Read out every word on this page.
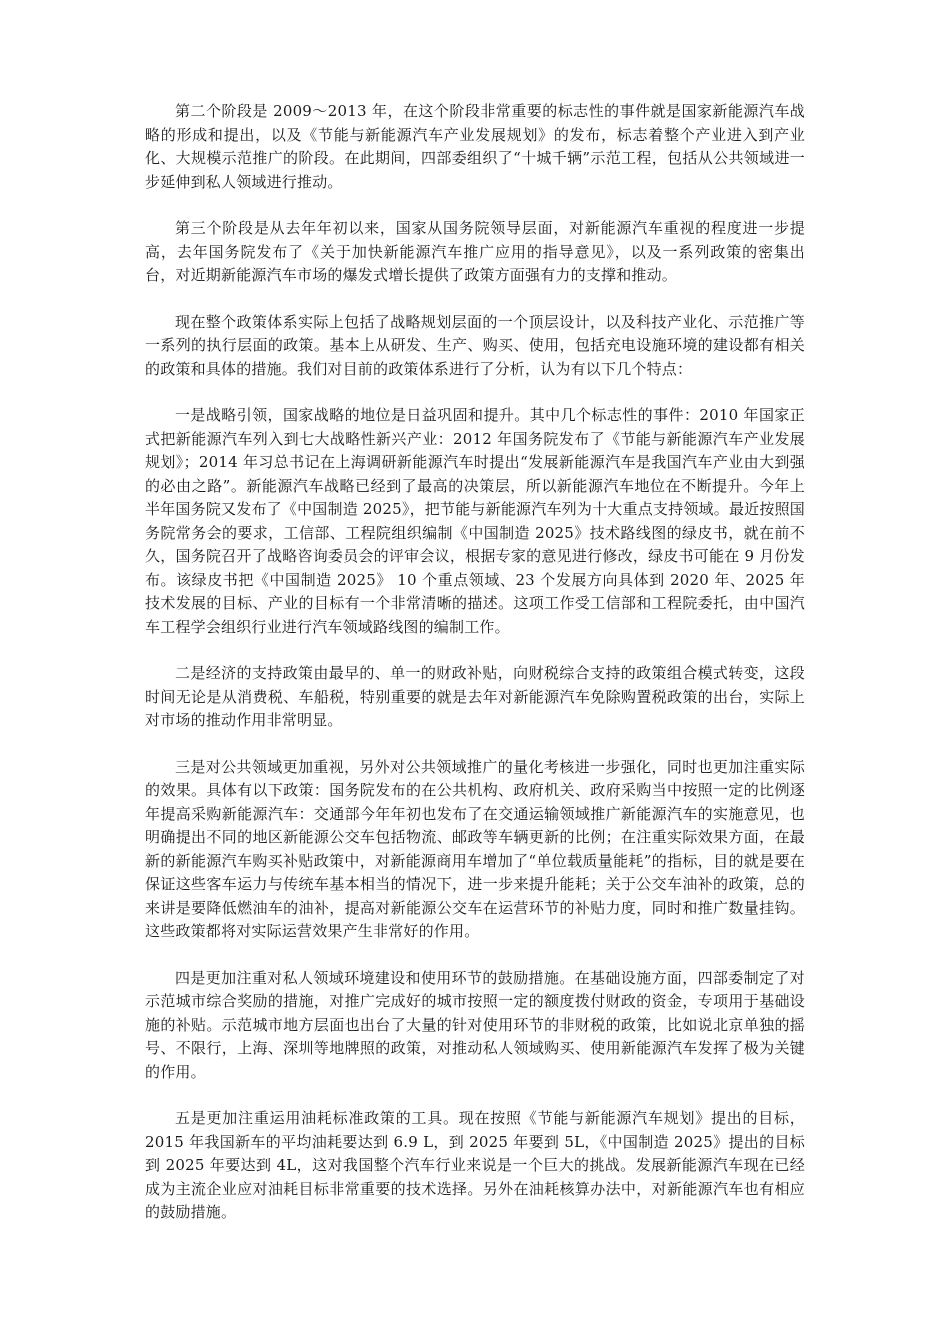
第二个阶段是 2009～2013 年，在这个阶段非常重要的标志性的事件就是国家新能源汽车战略的形成和提出，以及《节能与新能源汽车产业发展规划》的发布，标志着整个产业进入到产业化、大规模示范推广的阶段。在此期间，四部委组织了“十城千辆”示范工程，包括从公共领域进一步延伸到私人领域进行推动。

第三个阶段是从去年年初以来，国家从国务院领导层面，对新能源汽车重视的程度进一步提高，去年国务院发布了《关于加快新能源汽车推广应用的指导意见》，以及一系列政策的密集出台，对近期新能源汽车市场的爆发式增长提供了政策方面强有力的支撑和推动。

现在整个政策体系实际上包括了战略规划层面的一个顶层设计，以及科技产业化、示范推广等一系列的执行层面的政策。基本上从研发、生产、购买、使用，包括充电设施环境的建设都有相关的政策和具体的措施。我们对目前的政策体系进行了分析，认为有以下几个特点：

一是战略引领，国家战略的地位是日益巩固和提升。其中几个标志性的事件：2010 年国家正式把新能源汽车列入到七大战略性新兴产业：2012 年国务院发布了《节能与新能源汽车产业发展规划》；2014 年习总书记在上海调研新能源汽车时提出“发展新能源汽车是我国汽车产业由大到强的必由之路”。新能源汽车战略已经到了最高的决策层，所以新能源汽车地位在不断提升。今年上半年国务院又发布了《中国制造 2025》，把节能与新能源汽车列为十大重点支持领域。最近按照国务院常务会的要求，工信部、工程院组织编制《中国制造 2025》技术路线图的绿皮书，就在前不久，国务院召开了战略咨询委员会的评审会议，根据专家的意见进行修改，绿皮书可能在 9 月份发布。该绿皮书把《中国制造 2025》 10 个重点领域、23 个发展方向具体到 2020 年、2025 年技术发展的目标、产业的目标有一个非常清晰的描述。这项工作受工信部和工程院委托，由中国汽车工程学会组织行业进行汽车领域路线图的编制工作。

二是经济的支持政策由最早的、单一的财政补贴，向财税综合支持的政策组合模式转变，这段时间无论是从消费税、车船税，特别重要的就是去年对新能源汽车免除购置税政策的出台，实际上对市场的推动作用非常明显。

三是对公共领域更加重视，另外对公共领域推广的量化考核进一步强化，同时也更加注重实际的效果。具体有以下政策：国务院发布的在公共机构、政府机关、政府采购当中按照一定的比例逐年提高采购新能源汽车：交通部今年年初也发布了在交通运输领域推广新能源汽车的实施意见，也明确提出不同的地区新能源公交车包括物流、邮政等车辆更新的比例；在注重实际效果方面，在最新的新能源汽车购买补贴政策中，对新能源商用车增加了“单位载质量能耗”的指标，目的就是要在保证这些客车运力与传统车基本相当的情况下，进一步来提升能耗；关于公交车油补的政策，总的来讲是要降低燃油车的油补，提高对新能源公交车在运营环节的补贴力度，同时和推广数量挂钩。这些政策都将对实际运营效果产生非常好的作用。

四是更加注重对私人领域环境建设和使用环节的鼓励措施。在基础设施方面，四部委制定了对示范城市综合奖励的措施，对推广完成好的城市按照一定的额度拨付财政的资金，专项用于基础设施的补贴。示范城市地方层面也出台了大量的针对使用环节的非财税的政策，比如说北京单独的摇号、不限行，上海、深圳等地牌照的政策，对推动私人领域购买、使用新能源汽车发挥了极为关键的作用。

五是更加注重运用油耗标准政策的工具。现在按照《节能与新能源汽车规划》提出的目标，2015 年我国新车的平均油耗要达到 6.9 L，到 2025 年要到 5L，《中国制造 2025》提出的目标到 2025 年要达到 4L，这对我国整个汽车行业来说是一个巨大的挑战。发展新能源汽车现在已经成为主流企业应对油耗目标非常重要的技术选择。另外在油耗核算办法中，对新能源汽车也有相应的鼓励措施。
